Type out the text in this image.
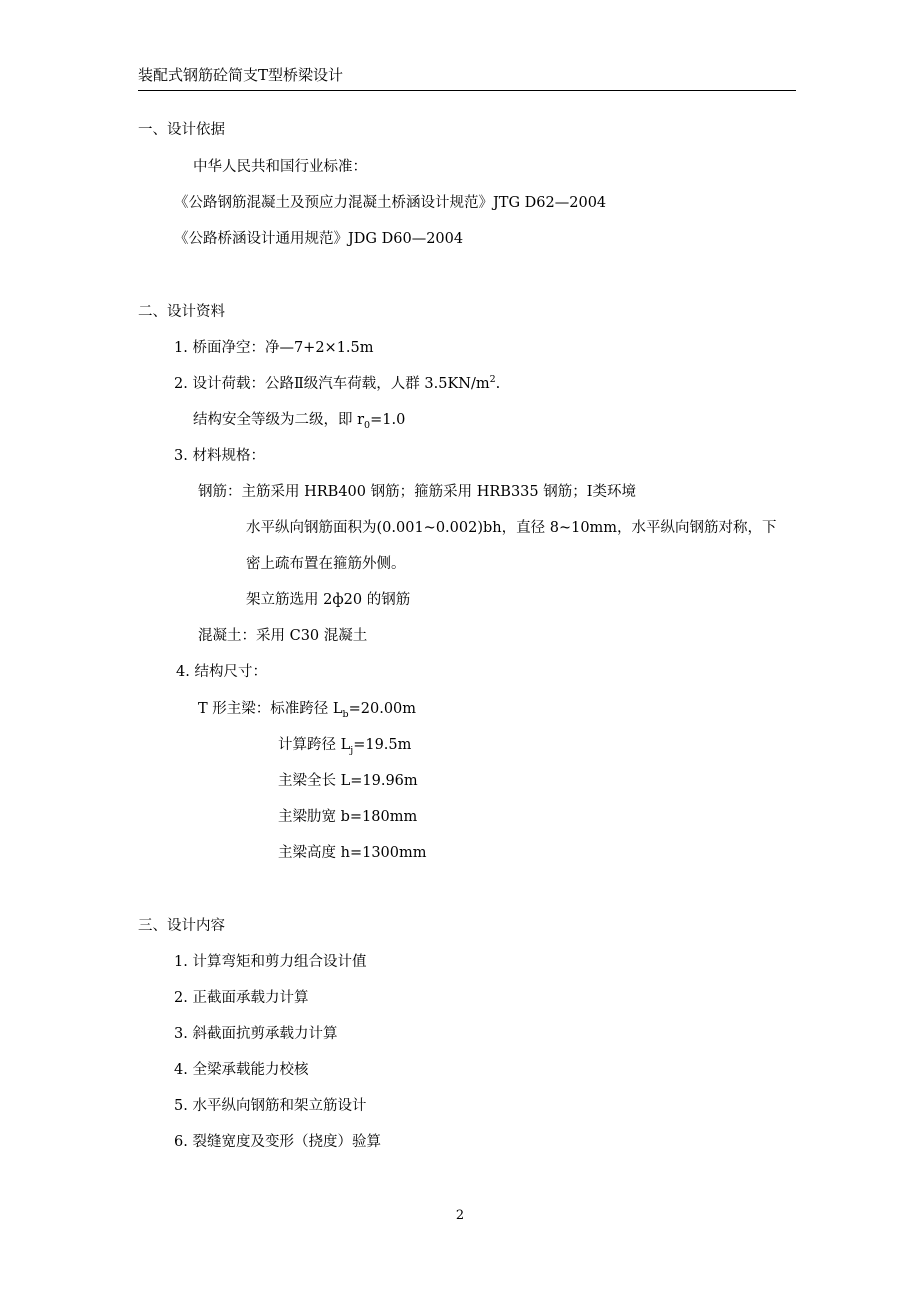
装配式钢筋砼简支T型桥梁设计
一、设计依据
中华人民共和国行业标准：
《公路钢筋混凝土及预应力混凝土桥涵设计规范》JTG D62—2004
《公路桥涵设计通用规范》JDG D60—2004
二、设计资料
1. 桥面净空：净—7+2×1.5m
2. 设计荷载：公路Ⅱ级汽车荷载，人群 $3.5KN/m^2$.
结构安全等级为二级，即 $r_0=1.0$
3. 材料规格：
钢筋：主筋采用 HRB400 钢筋；箍筋采用 HRB335 钢筋；Ⅰ类环境
水平纵向钢筋面积为(0.001~0.002)bh，直径 8~10mm，水平纵向钢筋对称，下
密上疏布置在箍筋外侧。
架立筋选用 2ф20 的钢筋
混凝土：采用 C30 混凝土
4. 结构尺寸：
T 形主梁：标准跨径 $L_b=20.00m$
计算跨径 $L_j=19.5m$
主梁全长 L=19.96m
主梁肋宽 b=180mm
主梁高度 h=1300mm
三、设计内容
1. 计算弯矩和剪力组合设计值
2. 正截面承载力计算
3. 斜截面抗剪承载力计算
4. 全梁承载能力校核
5. 水平纵向钢筋和架立筋设计
6. 裂缝宽度及变形（挠度）验算
2
